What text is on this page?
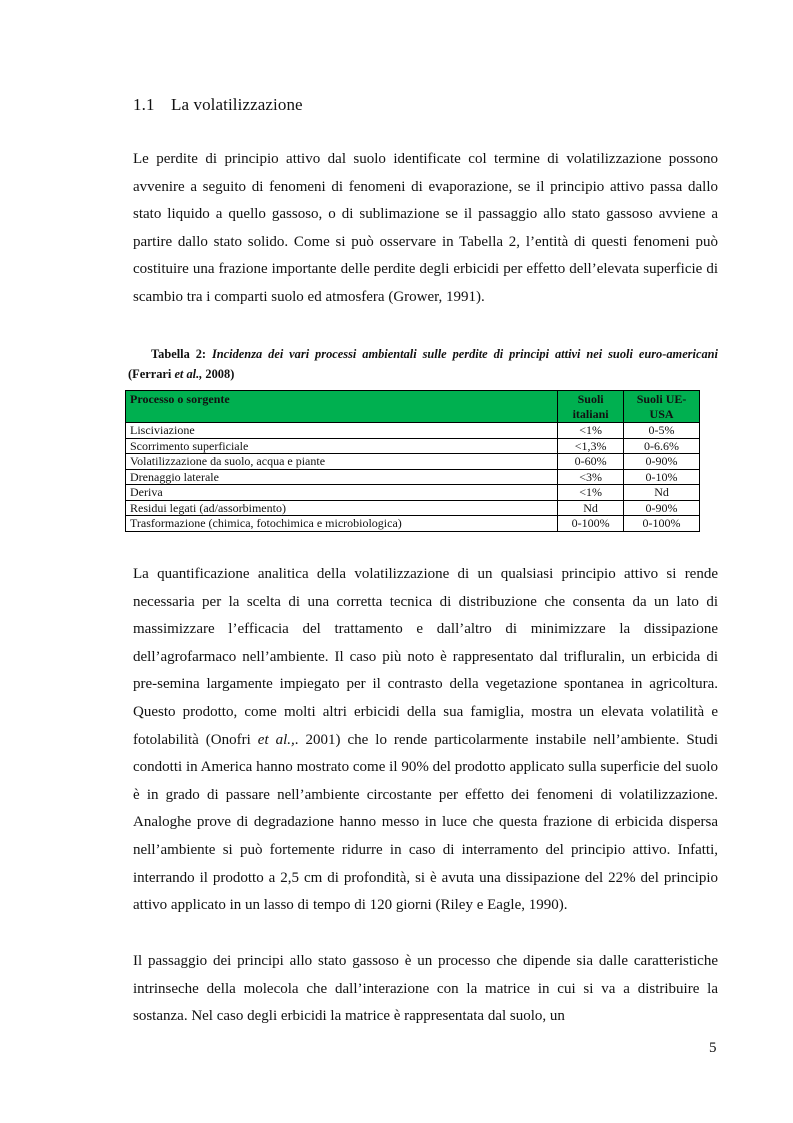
1.1 La volatilizzazione

Le perdite di principio attivo dal suolo identificate col termine di volatilizzazione possono avvenire a seguito di fenomeni di fenomeni di evaporazione, se il principio attivo passa dallo stato liquido a quello gassoso, o di sublimazione se il passaggio allo stato gassoso avviene a partire dallo stato solido. Come si può osservare in Tabella 2, l’entità di questi fenomeni può costituire una frazione importante delle perdite degli erbicidi per effetto dell’elevata superficie di scambio tra i comparti suolo ed atmosfera (Grower, 1991).

Tabella 2: Incidenza dei vari processi ambientali sulle perdite di principi attivi nei suoli euro-americani (Ferrari et al., 2008)

Processo o sorgente	Suoli italiani	Suoli UE-USA
Lisciviazione	<1%	0-5%
Scorrimento superficiale	<1,3%	0-6.6%
Volatilizzazione da suolo, acqua e piante	0-60%	0-90%
Drenaggio laterale	<3%	0-10%
Deriva	<1%	Nd
Residui legati (ad/assorbimento)	Nd	0-90%
Trasformazione (chimica, fotochimica e microbiologica)	0-100%	0-100%

La quantificazione analitica della volatilizzazione di un qualsiasi principio attivo si rende necessaria per la scelta di una corretta tecnica di distribuzione che consenta da un lato di massimizzare l’efficacia del trattamento e dall’altro di minimizzare la dissipazione dell’agrofarmaco nell’ambiente. Il caso più noto è rappresentato dal trifluralin, un erbicida di pre-semina largamente impiegato per il contrasto della vegetazione spontanea in agricoltura. Questo prodotto, come molti altri erbicidi della sua famiglia, mostra un elevata volatilità e fotolabilità (Onofri et al.,. 2001) che lo rende particolarmente instabile nell’ambiente. Studi condotti in America hanno mostrato come il 90% del prodotto applicato sulla superficie del suolo è in grado di passare nell’ambiente circostante per effetto dei fenomeni di volatilizzazione. Analoghe prove di degradazione hanno messo in luce che questa frazione di erbicida dispersa nell’ambiente si può fortemente ridurre in caso di interramento del principio attivo. Infatti, interrando il prodotto a 2,5 cm di profondità, si è avuta una dissipazione del 22% del principio attivo applicato in un lasso di tempo di 120 giorni (Riley e Eagle, 1990).

Il passaggio dei principi allo stato gassoso è un processo che dipende sia dalle caratteristiche intrinseche della molecola che dall’interazione con la matrice in cui si va a distribuire la sostanza. Nel caso degli erbicidi la matrice è rappresentata dal suolo, un

5
